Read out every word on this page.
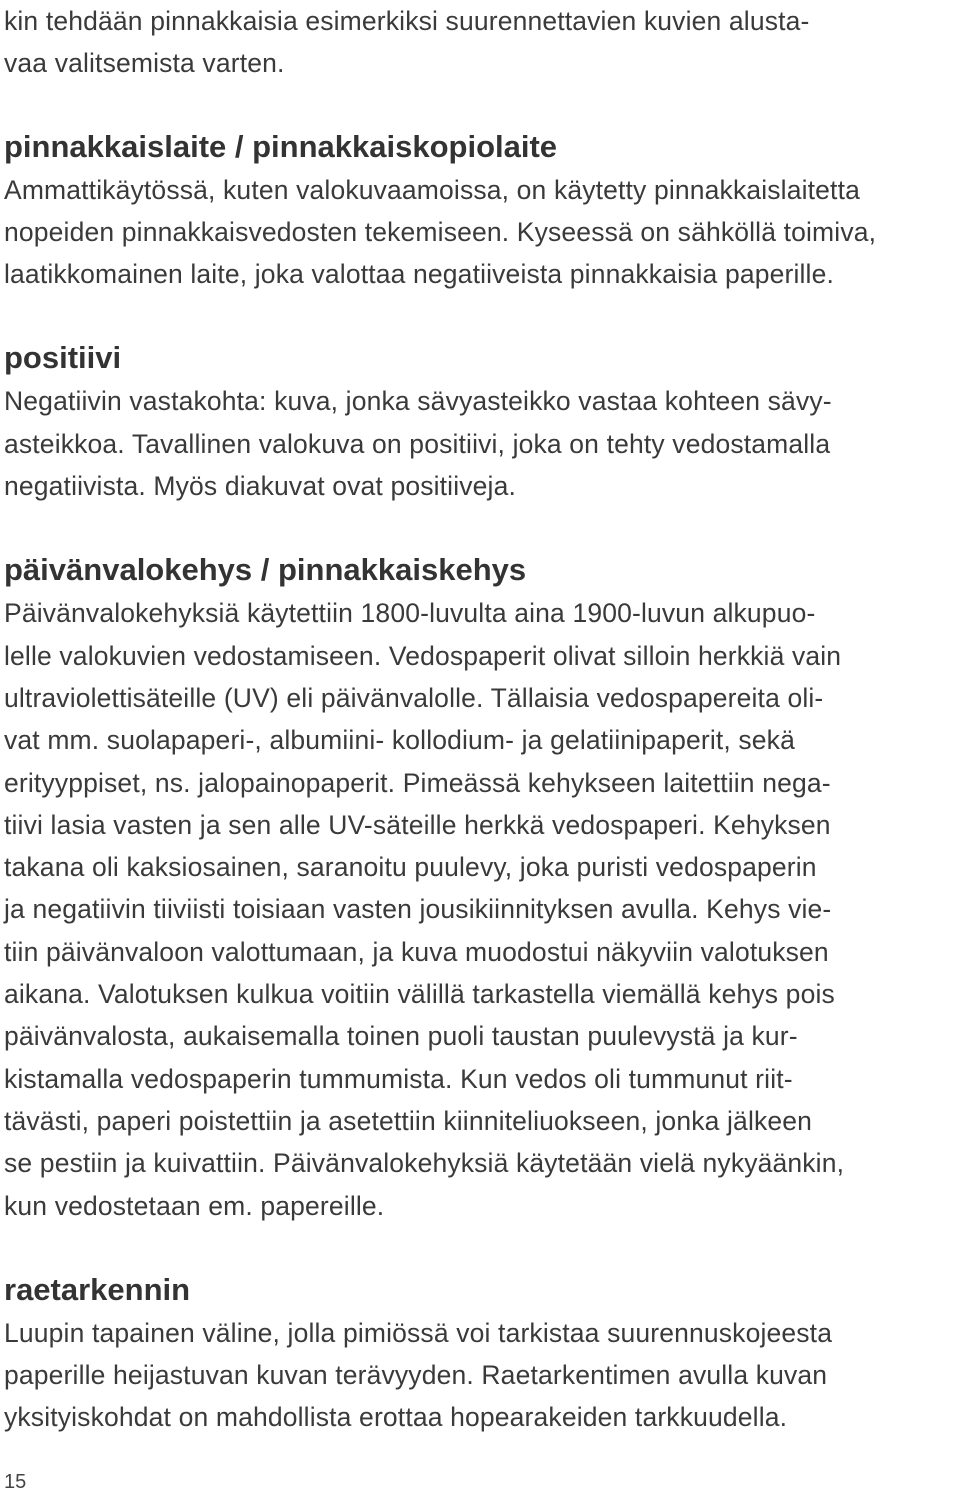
kin tehdään pinnakkaisia esimerkiksi suurennettavien kuvien alusta-
vaa valitsemista varten.

pinnakkaislaite / pinnakkaiskopiolaite

Ammattikäytössä, kuten valokuvaamoissa, on käytetty pinnakkaislaitetta
nopeiden pinnakkaisvedosten tekemiseen. Kyseessä on sähköllä toimiva,
laatikkomainen laite, joka valottaa negatiiveista pinnakkaisia paperille.

positiivi

Negatiivin vastakohta: kuva, jonka sävyasteikko vastaa kohteen sävy-
asteikkoa. Tavallinen valokuva on positiivi, joka on tehty vedostamalla
negatiivista. Myös diakuvat ovat positiiveja.

päivänvalokehys / pinnakkaiskehys

Päivänvalokehyksiä käytettiin 1800-luvulta aina 1900-luvun alkupuo-
lelle valokuvien vedostamiseen. Vedospaperit olivat silloin herkkiä vain
ultraviolettisäteille (UV) eli päivänvalolle. Tällaisia vedospapereita oli-
vat mm. suolapaperi-, albumiini- kollodium- ja gelatiinipaperit, sekä
erityyppiset, ns. jalopainopaperit. Pimeässä kehykseen laitettiin nega-
tiivi lasia vasten ja sen alle UV-säteille herkkä vedospaperi. Kehyksen
takana oli kaksiosainen, saranoitu puulevy, joka puristi vedospaperin
ja negatiivin tiiviisti toisiaan vasten jousikiinnityksen avulla. Kehys vie-
tiin päivänvaloon valottumaan, ja kuva muodostui näkyviin valotuksen
aikana. Valotuksen kulkua voitiin välillä tarkastella viemällä kehys pois
päivänvalosta, aukaisemalla toinen puoli taustan puulevystä ja kur-
kistamalla vedospaperin tummumista. Kun vedos oli tummunut riit-
tävästi, paperi poistettiin ja asetettiin kiinniteliuokseen, jonka jälkeen
se pestiin ja kuivattiin. Päivänvalokehyksiä käytetään vielä nykyäänkin,
kun vedostetaan em. papereille.

raetarkennin

Luupin tapainen väline, jolla pimiössä voi tarkistaa suurennuskojeesta
paperille heijastuvan kuvan terävyyden. Raetarkentimen avulla kuvan
yksityiskohdat on mahdollista erottaa hopearakeiden tarkkuudella.

15
